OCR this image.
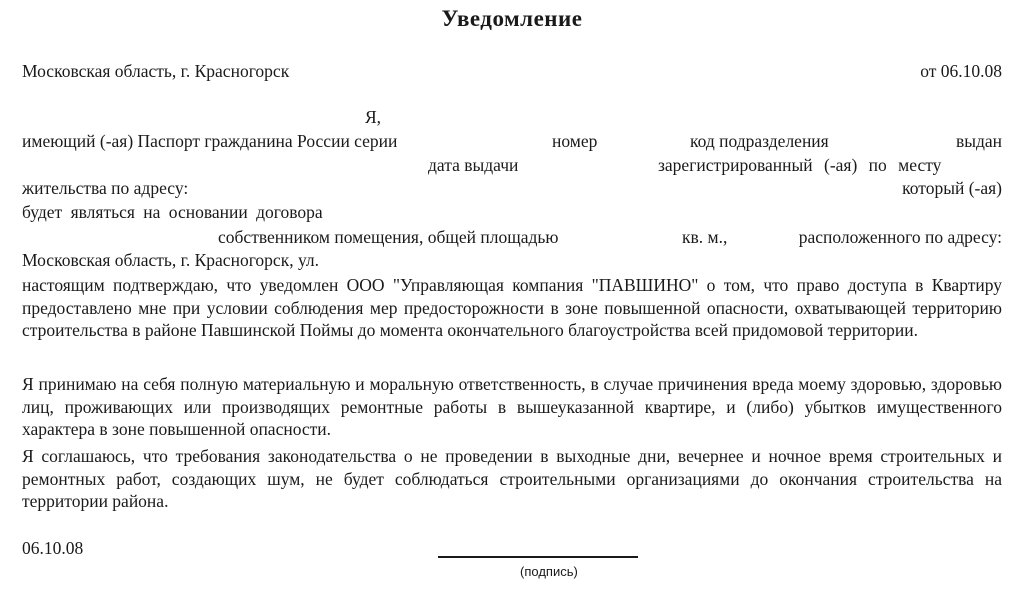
Уведомление
Московская область, г. Красногорск	от 06.10.08
Я,
имеющий (-ая) Паспорт гражданина России серии	номер	код подразделения	выдан
дата выдачи	зарегистрированный (-ая) по месту
жительства по адресу:	который (-ая)
будет являться на основании договора
собственником помещения, общей площадью	кв. м.,	расположенного по адресу:
Московская область, г. Красногорск, ул.
настоящим подтверждаю, что уведомлен ООО "Управляющая компания "ПАВШИНО" о том, что право доступа в Квартиру предоставлено мне при условии соблюдения мер предосторожности в зоне повышенной опасности, охватывающей территорию строительства в районе Павшинской Поймы до момента окончательного благоустройства всей придомовой территории.
Я принимаю на себя полную материальную и моральную ответственность, в случае причинения вреда моему здоровью, здоровью лиц, проживающих или производящих ремонтные работы в вышеуказанной квартире, и (либо) убытков имущественного характера в зоне повышенной опасности.
Я соглашаюсь, что требования законодательства о не проведении в выходные дни, вечернее и ночное время строительных и ремонтных работ, создающих шум, не будет соблюдаться строительными организациями до окончания строительства на территории района.
06.10.08
(подпись)
